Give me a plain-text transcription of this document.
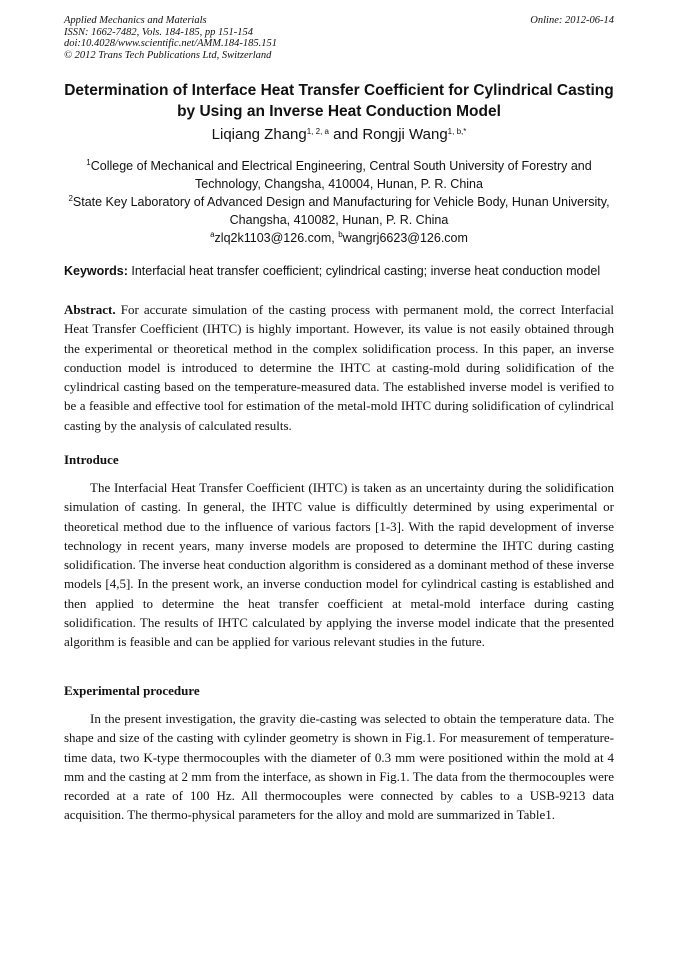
Applied Mechanics and Materials
ISSN: 1662-7482, Vols. 184-185, pp 151-154
doi:10.4028/www.scientific.net/AMM.184-185.151
© 2012 Trans Tech Publications Ltd, Switzerland
Online: 2012-06-14
Determination of Interface Heat Transfer Coefficient for Cylindrical Casting by Using an Inverse Heat Conduction Model
Liqiang Zhang$^{1, 2, a}$ and Rongji Wang$^{1, b,*}$
$^1$College of Mechanical and Electrical Engineering, Central South University of Forestry and Technology, Changsha, 410004, Hunan, P. R. China
$^2$State Key Laboratory of Advanced Design and Manufacturing for Vehicle Body, Hunan University, Changsha, 410082, Hunan, P. R. China
$^a$zlq2k1103@126.com, $^b$wangrj6623@126.com
Keywords: Interfacial heat transfer coefficient; cylindrical casting; inverse heat conduction model

Abstract. For accurate simulation of the casting process with permanent mold, the correct Interfacial Heat Transfer Coefficient (IHTC) is highly important. However, its value is not easily obtained through the experimental or theoretical method in the complex solidification process. In this paper, an inverse conduction model is introduced to determine the IHTC at casting-mold during solidification of the cylindrical casting based on the temperature-measured data. The established inverse model is verified to be a feasible and effective tool for estimation of the metal-mold IHTC during solidification of cylindrical casting by the analysis of calculated results.

Introduce

The Interfacial Heat Transfer Coefficient (IHTC) is taken as an uncertainty during the solidification simulation of casting. In general, the IHTC value is difficultly determined by using experimental or theoretical method due to the influence of various factors [1-3]. With the rapid development of inverse technology in recent years, many inverse models are proposed to determine the IHTC during casting solidification. The inverse heat conduction algorithm is considered as a dominant method of these inverse models [4,5]. In the present work, an inverse conduction model for cylindrical casting is established and then applied to determine the heat transfer coefficient at metal-mold interface during casting solidification. The results of IHTC calculated by applying the inverse model indicate that the presented algorithm is feasible and can be applied for various relevant studies in the future.

Experimental procedure

In the present investigation, the gravity die-casting was selected to obtain the temperature data. The shape and size of the casting with cylinder geometry is shown in Fig.1. For measurement of temperature-time data, two K-type thermocouples with the diameter of 0.3 mm were positioned within the mold at 4 mm and the casting at 2 mm from the interface, as shown in Fig.1. The data from the thermocouples were recorded at a rate of 100 Hz. All thermocouples were connected by cables to a USB-9213 data acquisition. The thermo-physical parameters for the alloy and mold are summarized in Table1.
